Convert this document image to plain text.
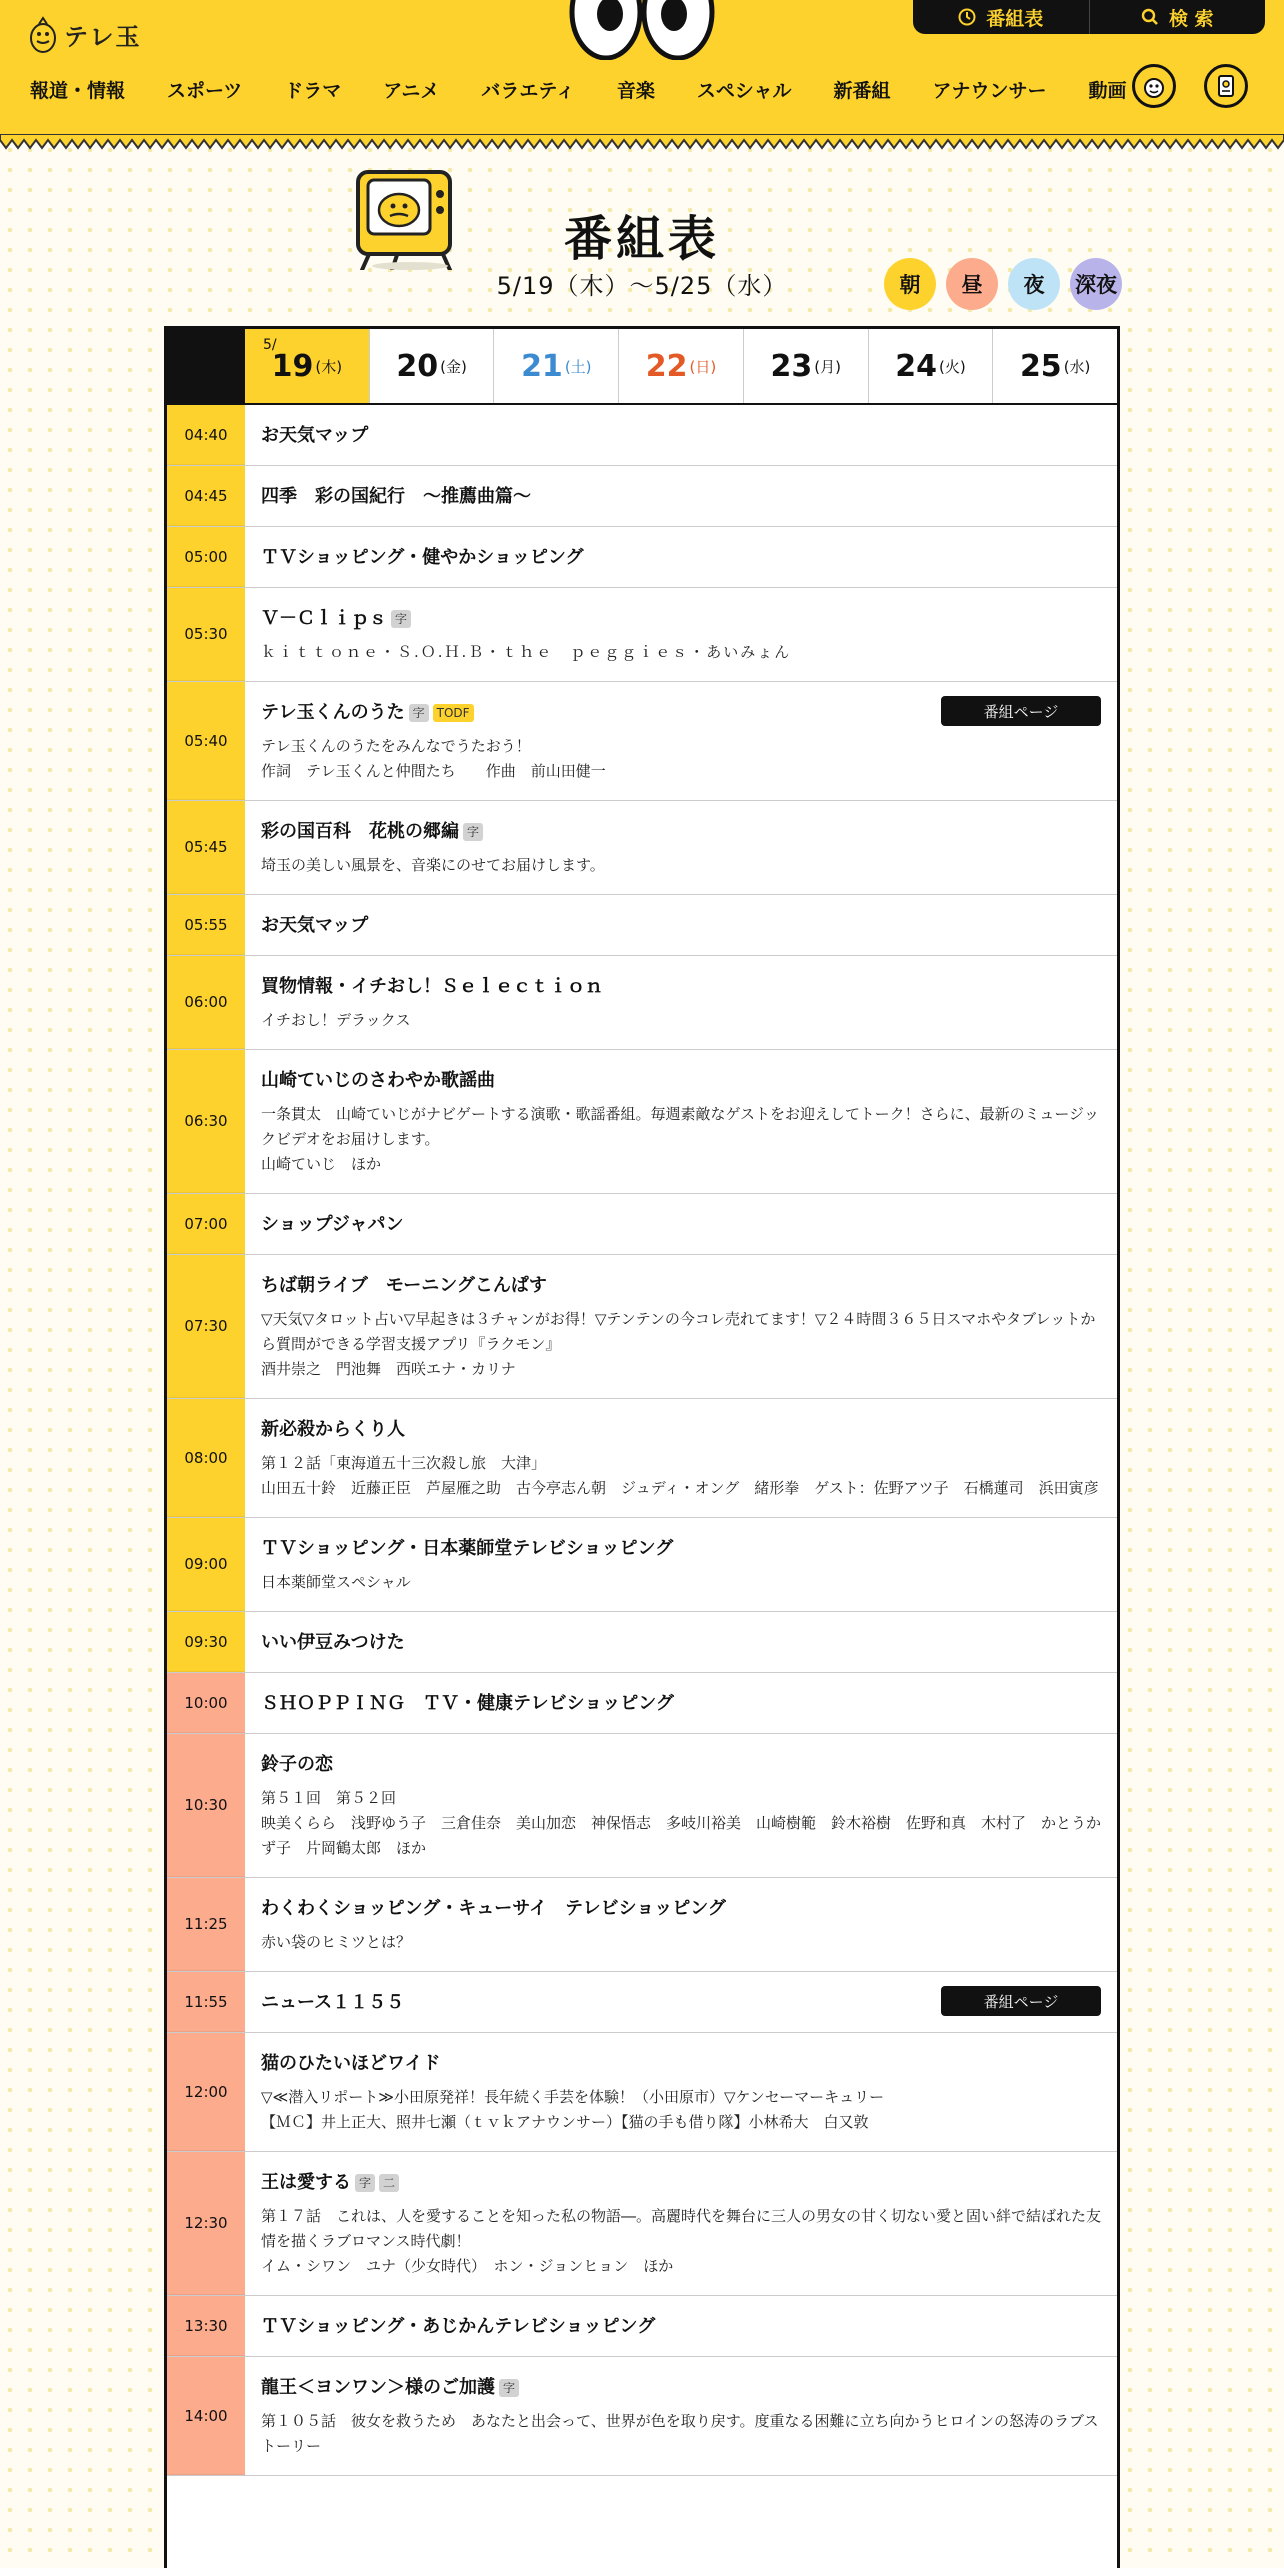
テレ玉
番組表	検 索
報道・情報 スポーツ ドラマ アニメ バラエティ 音楽 スペシャル 新番組 アナウンサー 動画
番組表
5/19（木）〜5/25（水）	朝	昼	夜	深夜
5/
19 (木) 20 (金) 21 (土) 22 (日) 23 (月) 24 (火) 25 (水)
04:40	お天気マップ
04:45	四季　彩の国紀行　～推薦曲篇～
05:00	ＴＶショッピング・健やかショッピング
05:30
Ｖ－Ｃｌｉｐｓ 字
ｋｉｔｔｏｎｅ・Ｓ.Ｏ.Ｈ.Ｂ・ｔｈｅ　ｐｅｇｇｉｅｓ・あいみょん
05:40
テレ玉くんのうた 字	TODF
テレ玉くんのうたをみんなでうたおう！
作詞　テレ玉くんと仲間たち　　作曲　前山田健一
番組ページ
05:45
彩の国百科　花桃の郷編 字
埼玉の美しい風景を、音楽にのせてお届けします。
05:55	お天気マップ
06:00
買物情報・イチおし！Ｓｅｌｅｃｔｉｏｎ
イチおし！デラックス
06:30
山崎ていじのさわやか歌謡曲
一条貫太　山崎ていじがナビゲートする演歌・歌謡番組。毎週素敵なゲストをお迎えしてトーク！さらに、最新のミュージックビデオをお届けします。
山崎ていじ　ほか
07:00	ショップジャパン
07:30
ちば朝ライブ　モーニングこんぱす
▽天気▽タロット占い▽早起きは３チャンがお得！▽テンテンの今コレ売れてます！▽２４時間３６５日スマホやタブレットから質問ができる学習支援アプリ『ラクモン』
酒井崇之　門池舞　西咲エナ・カリナ
08:00
新必殺からくり人
第１２話「東海道五十三次殺し旅　大津」
山田五十鈴　近藤正臣　芦屋雁之助　古今亭志ん朝　ジュディ・オング　緒形拳　ゲスト：佐野アツ子　石橋蓮司　浜田寅彦
09:00
ＴＶショッピング・日本薬師堂テレビショッピング
日本薬師堂スペシャル
09:30	いい伊豆みつけた
10:00	ＳＨＯＰＰＩＮＧ　ＴＶ・健康テレビショッピング
10:30
鈴子の恋
第５１回　第５２回
映美くらら　浅野ゆう子　三倉佳奈　美山加恋　神保悟志　多岐川裕美　山崎樹範　鈴木裕樹　佐野和真　木村了　かとうかず子　片岡鶴太郎　ほか
11:25
わくわくショッピング・キューサイ　テレビショッピング
赤い袋のヒミツとは？
11:55	ニュース１１５５	番組ページ
12:00
猫のひたいほどワイド
▽≪潜入リポート≫小田原発祥！長年続く手芸を体験！（小田原市）▽ケンセーマーキュリー
【ＭＣ】井上正大、照井七瀬（ｔｖｋアナウンサー）【猫の手も借り隊】小林希大　白又敦
12:30
王は愛する 字	二
第１７話　これは、人を愛することを知った私の物語―。高麗時代を舞台に三人の男女の甘く切ない愛と固い絆で結ばれた友情を描くラブロマンス時代劇！
イム・シワン　ユナ（少女時代）　ホン・ジョンヒョン　ほか
13:30	ＴＶショッピング・あじかんテレビショッピング
14:00
龍王＜ヨンワン＞様のご加護 字
第１０５話　彼女を救うため　あなたと出会って、世界が色を取り戻す。度重なる困難に立ち向かうヒロインの怒涛のラブストーリー
